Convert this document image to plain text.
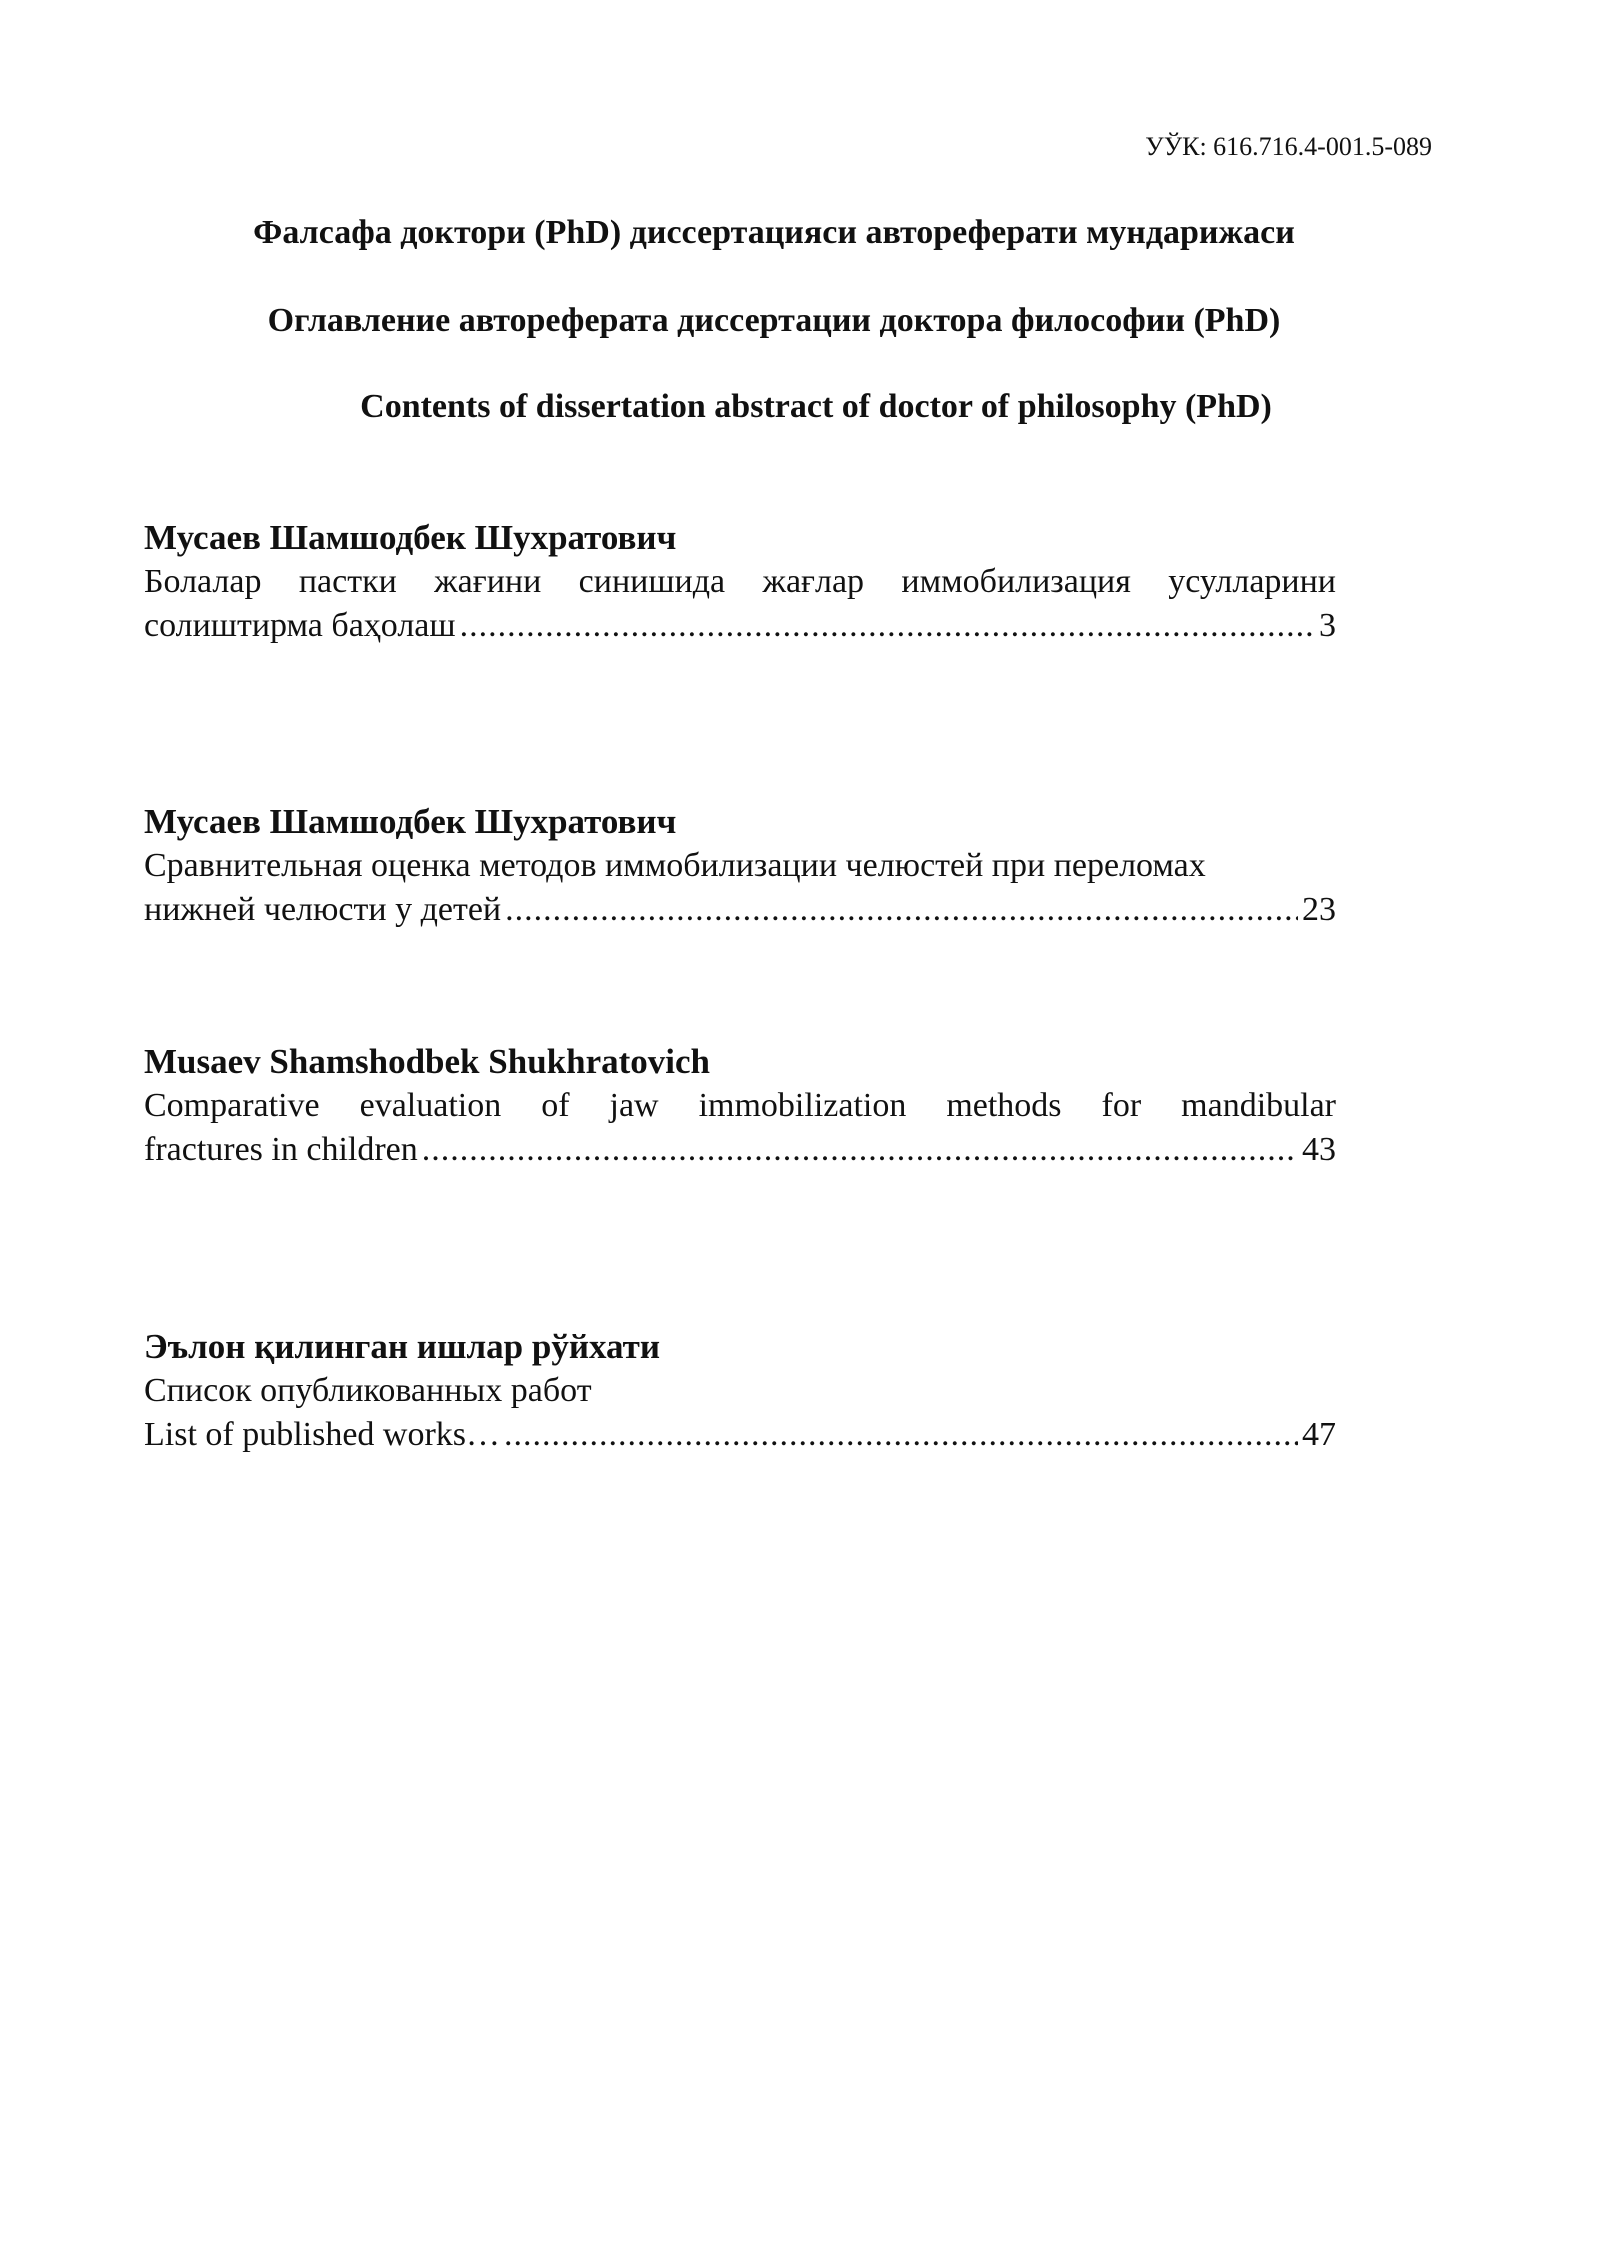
УЎК: 616.716.4-001.5-089
Фалсафа доктори (PhD) диссертацияси автореферати мундарижаси
Оглавление автореферата диссертации доктора философии (PhD)
Contents of dissertation abstract of doctor of philosophy (PhD)
Мусаев Шамшодбек Шухратович
Болалар пастки жағини синишида жағлар иммобилизация усулларини
солиштирма баҳолаш .....	3
Мусаев Шамшодбек Шухратович
Сравнительная оценка методов иммобилизации челюстей при переломах
нижней челюсти у детей .....	23
Musaev Shamshodbek Shukhratovich
Comparative evaluation of jaw immobilization methods for mandibular
fractures in children .....	43
Эълон қилинган ишлар рўйхати
Список опубликованных работ
List of published works… .....	47
